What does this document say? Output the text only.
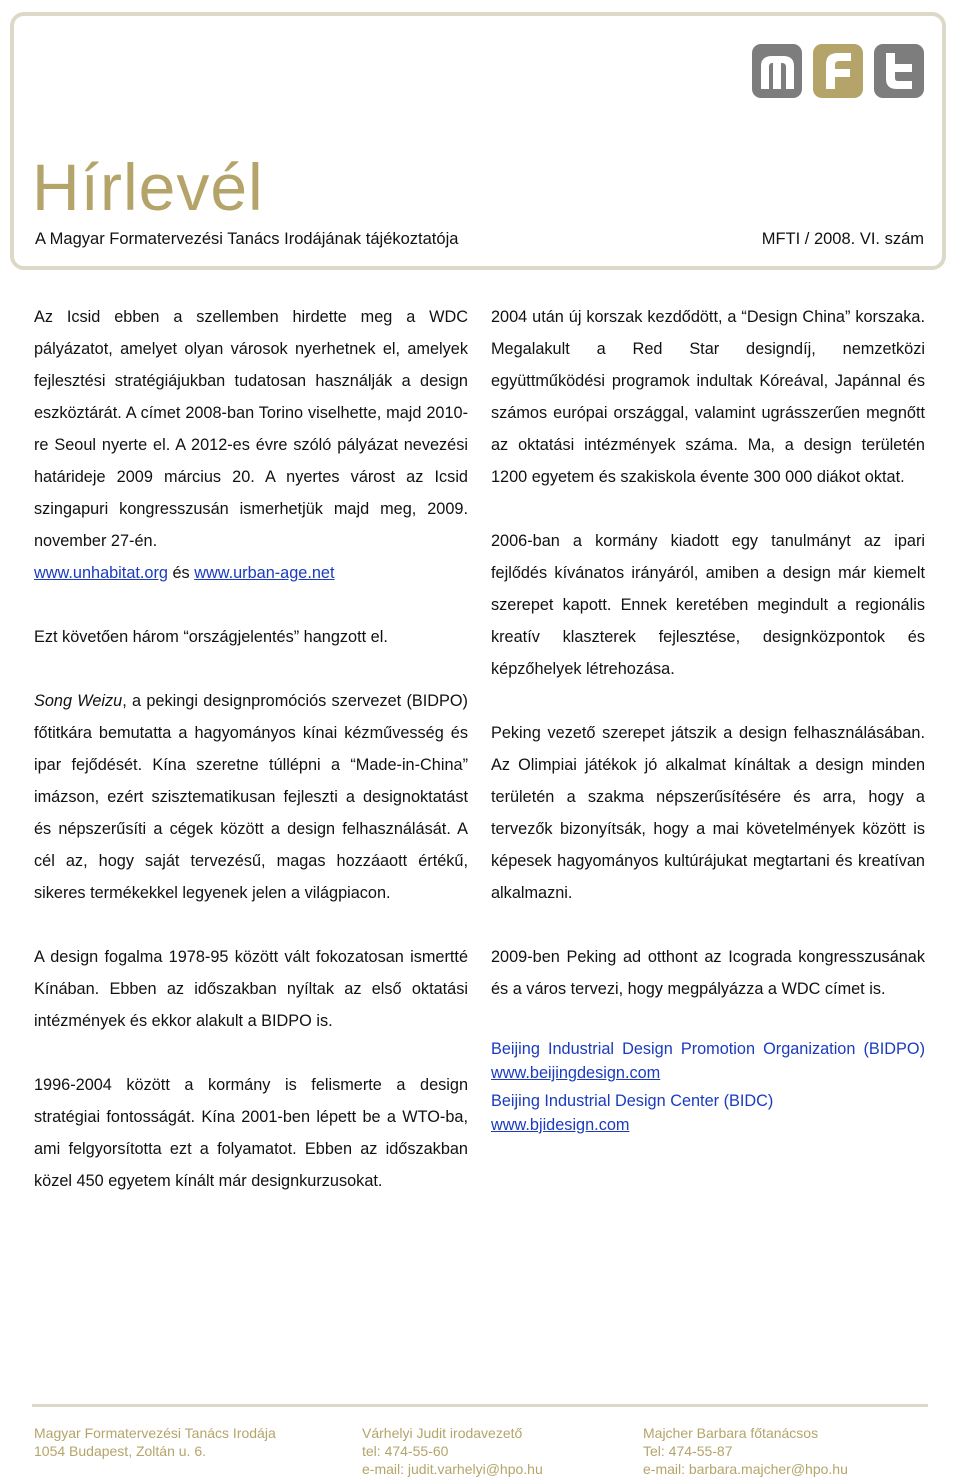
Hírlevél
A Magyar Formatervezési Tanács Irodájának tájékoztatója	MFTI / 2008. VI. szám

Az Icsid ebben a szellemben hirdette meg a WDC pályázatot, amelyet olyan városok nyerhetnek el, amelyek fejlesztési stratégiájukban tudatosan használják a design eszköztárát. A címet 2008-ban Torino viselhette, majd 2010-re Seoul nyerte el. A 2012-es évre szóló pályázat nevezési határideje 2009 március 20. A nyertes várost az Icsid szingapuri kongresszusán ismerhetjük majd meg, 2009. november 27-én.

www.unhabitat.org és www.urban-age.net

Ezt követően három “országjelentés” hangzott el.

Song Weizu, a pekingi designpromóciós szervezet (BIDPO) főtitkára bemutatta a hagyományos kínai kézművesség és ipar fejődését. Kína szeretne túllépni a “Made-in-China” imázson, ezért szisztematikusan fejleszti a designoktatást és népszerűsíti a cégek között a design felhasználását. A cél az, hogy saját tervezésű, magas hozzáaott értékű, sikeres termékekkel legyenek jelen a világpiacon.

A design fogalma 1978-95 között vált fokozatosan ismertté Kínában. Ebben az időszakban nyíltak az első oktatási intézmények és ekkor alakult a BIDPO is.

1996-2004 között a kormány is felismerte a design stratégiai fontosságát. Kína 2001-ben lépett be a WTO-ba, ami felgyorsította ezt a folyamatot. Ebben az időszakban közel 450 egyetem kínált már designkurzusokat.

2004 után új korszak kezdődött, a “Design China” korszaka. Megalakult a Red Star designdíj, nemzetközi együttműködési programok indultak Kóreával, Japánnal és számos európai országgal, valamint ugrásszerűen megnőtt az oktatási intézmények száma. Ma, a design területén 1200 egyetem és szakiskola évente 300 000 diákot oktat.

2006-ban a kormány kiadott egy tanulmányt az ipari fejlődés kívánatos irányáról, amiben a design már kiemelt szerepet kapott. Ennek keretében megindult a regionális kreatív klaszterek fejlesztése, designközpontok és képzőhelyek létrehozása.

Peking vezető szerepet játszik a design felhasználásában. Az Olimpiai játékok jó alkalmat kínáltak a design minden területén a szakma népszerűsítésére és arra, hogy a tervezők bizonyítsák, hogy a mai követelmények között is képesek hagyományos kultúrájukat megtartani és kreatívan alkalmazni.

2009-ben Peking ad otthont az Icograda kongresszusának és a város tervezi, hogy megpályázza a WDC címet is.

Beijing Industrial Design Promotion Organization (BIDPO) www.beijingdesign.com

Beijing Industrial Design Center (BIDC)
www.bjidesign.com

Magyar Formatervezési Tanács Irodája
1054 Budapest, Zoltán u. 6.
Várhelyi Judit irodavezető
tel: 474-55-60
e-mail: judit.varhelyi@hpo.hu
Majcher Barbara főtanácsos
Tel: 474-55-87
e-mail: barbara.majcher@hpo.hu
